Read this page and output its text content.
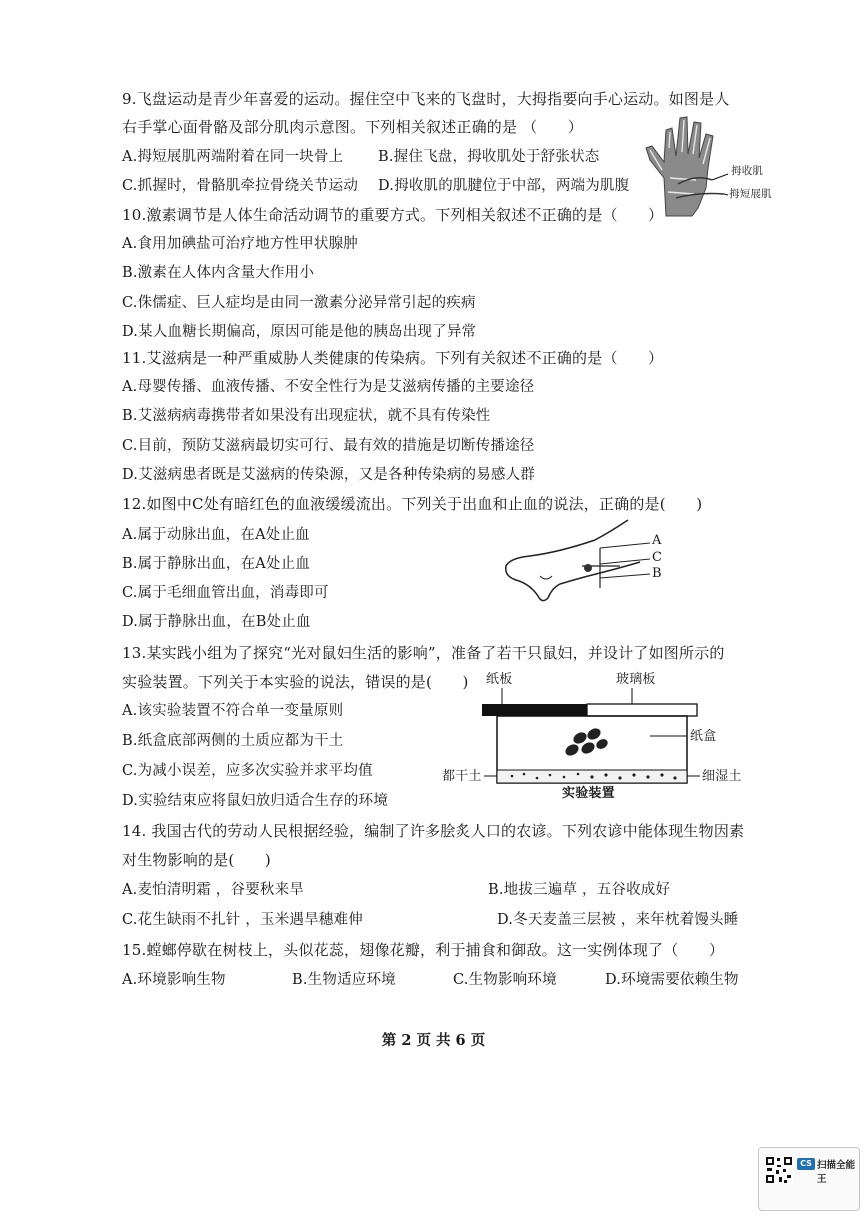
9.飞盘运动是青少年喜爱的运动。握住空中飞来的飞盘时，大拇指要向手心运动。如图是人
右手掌心面骨骼及部分肌肉示意图。下列相关叙述正确的是 （　　）
A.拇短展肌两端附着在同一块骨上 B.握住飞盘，拇收肌处于舒张状态
C.抓握时，骨骼肌牵拉骨绕关节运动 D.拇收肌的肌腱位于中部，两端为肌腹
拇收肌
拇短展肌
10.激素调节是人体生命活动调节的重要方式。下列相关叙述不正确的是（　　）
A.食用加碘盐可治疗地方性甲状腺肿
B.激素在人体内含量大作用小
C.侏儒症、巨人症均是由同一激素分泌异常引起的疾病
D.某人血糖长期偏高，原因可能是他的胰岛出现了异常
11.艾滋病是一种严重威胁人类健康的传染病。下列有关叙述不正确的是（　　）
A.母婴传播、血液传播、不安全性行为是艾滋病传播的主要途径
B.艾滋病病毒携带者如果没有出现症状，就不具有传染性
C.目前，预防艾滋病最切实可行、最有效的措施是切断传播途径
D.艾滋病患者既是艾滋病的传染源，又是各种传染病的易感人群
12.如图中C处有暗红色的血液缓缓流出。下列关于出血和止血的说法，正确的是(　　)
A.属于动脉出血，在A处止血
B.属于静脉出血，在A处止血
C.属于毛细血管出血，消毒即可
D.属于静脉出血，在B处止血
A
C
B
13.某实践小组为了探究“光对鼠妇生活的影响”，准备了若干只鼠妇，并设计了如图所示的
实验装置。下列关于本实验的说法，错误的是(　　)
A.该实验装置不符合单一变量原则
B.纸盒底部两侧的土质应都为干土
C.为减小误差，应多次实验并求平均值
D.实验结束应将鼠妇放归适合生存的环境
纸板	玻璃板
纸盒
都干土	细湿土
实验装置
14. 我国古代的劳动人民根据经验，编制了许多脍炙人口的农谚。下列农谚中能体现生物因素
对生物影响的是(　　)
A.麦怕清明霜 ，谷要秋来旱	B.地拔三遍草 ，五谷收成好
C.花生缺雨不扎针 ，玉米遇旱穗难伸	D.冬天麦盖三层被 ，来年枕着馒头睡
15.螳螂停歇在树枝上，头似花蕊，翅像花瓣，利于捕食和御敌。这一实例体现了（　　）
A.环境影响生物	B.生物适应环境	C.生物影响环境	D.环境需要依赖生物
第 2 页 共 6 页
CS 扫描全能王
